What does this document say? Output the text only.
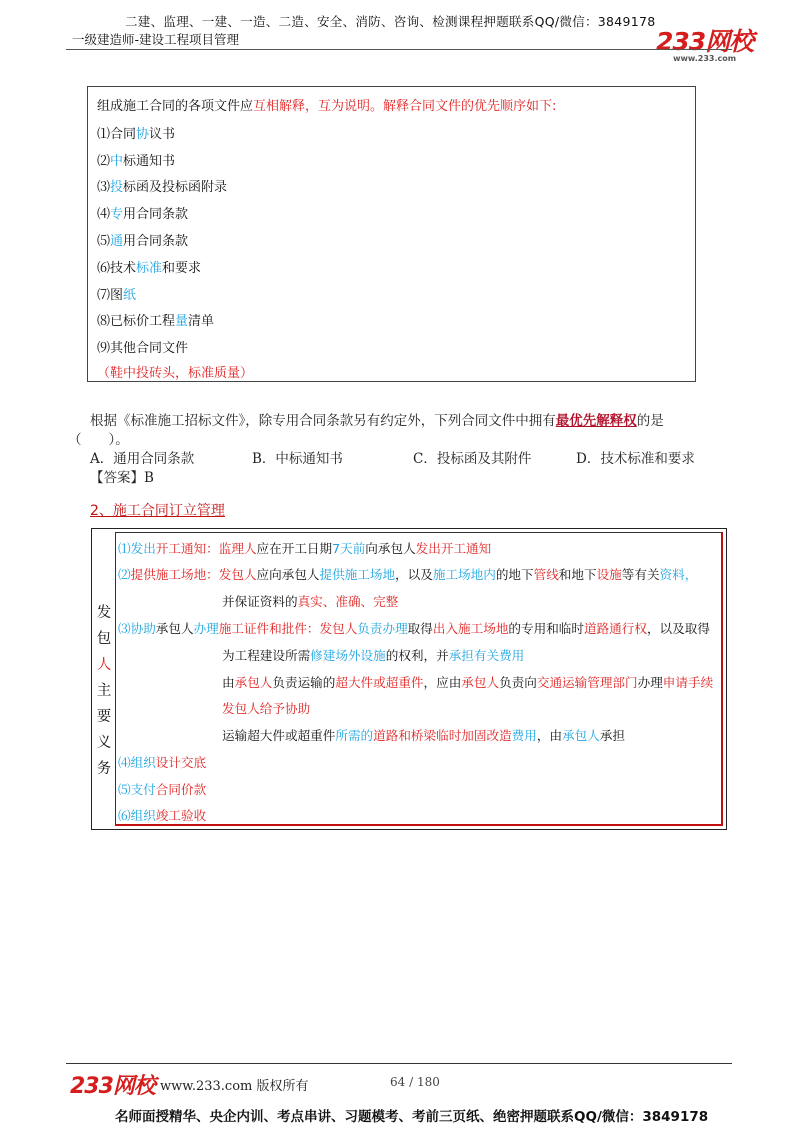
二建、监理、一建、一造、二造、安全、消防、咨询、检测课程押题联系QQ/微信：3849178
一级建造师-建设工程项目管理	233网校
www.233.com
组成施工合同的各项文件应互相解释，互为说明。解释合同文件的优先顺序如下:
⑴合同协议书
⑵中标通知书
⑶投标函及投标函附录
⑷专用合同条款
⑸通用合同条款
⑹技术标准和要求
⑺图纸
⑻已标价工程量清单
⑼其他合同文件
（鞋中投砖头，标准质量）
根据《标准施工招标文件》，除专用合同条款另有约定外，下列合同文件中拥有最优先解释权的是
（　　）。
A．通用合同条款	B．中标通知书	C．投标函及其附件	D．技术标准和要求
【答案】B
2、施工合同订立管理
发
包
人
主
要
义
务
⑴发出开工通知：监理人应在开工日期7天前向承包人发出开工通知
⑵提供施工场地：发包人应向承包人提供施工场地，以及施工场地内的地下管线和地下设施等有关资料，
并保证资料的真实、准确、完整
⑶协助承包人办理施工证件和批件：发包人负责办理取得出入施工场地的专用和临时道路通行权，以及取得
为工程建设所需修建场外设施的权利，并承担有关费用
由承包人负责运输的超大件或超重件，应由承包人负责向交通运输管理部门办理申请手续
发包人给予协助
运输超大件或超重件所需的道路和桥梁临时加固改造费用，由承包人承担
⑷组织设计交底
⑸支付合同价款
⑹组织竣工验收
233网校 www.233.com 版权所有	64 / 180
名师面授精华、央企内训、考点串讲、习题模考、考前三页纸、绝密押题联系QQ/微信：3849178
